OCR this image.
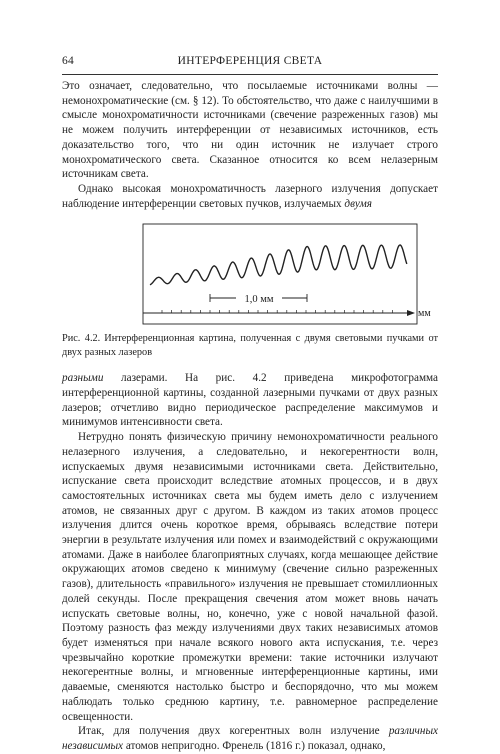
64	ИНТЕРФЕРЕНЦИЯ СВЕТА

Это означает, следовательно, что посылаемые источниками волны — немонохроматические (см. § 12). То обстоятельство, что даже с наилучшими в смысле монохроматичности источниками (свечение разреженных газов) мы не можем получить интерференции от независимых источников, есть доказательство того, что ни один источник не излучает строго монохроматического света. Сказанное относится ко всем нелазерным источникам света.

Однако высокая монохроматичность лазерного излучения допускает наблюдение интерференции световых пучков, излучаемых двумя

1,0 мм
мм
Рис. 4.2. Интерференционная картина, полученная с двумя световыми пучками от двух разных лазеров

разными лазерами. На рис. 4.2 приведена микрофотограмма интерференционной картины, созданной лазерными пучками от двух разных лазеров; отчетливо видно периодическое распределение максимумов и минимумов интенсивности света.

Нетрудно понять физическую причину немонохроматичности реального нелазерного излучения, а следовательно, и некогерентности волн, испускаемых двумя независимыми источниками света. Действительно, испускание света происходит вследствие атомных процессов, и в двух самостоятельных источниках света мы будем иметь дело с излучением атомов, не связанных друг с другом. В каждом из таких атомов процесс излучения длится очень короткое время, обрываясь вследствие потери энергии в результате излучения или помех и взаимодействий с окружающими атомами. Даже в наиболее благоприятных случаях, когда мешающее действие окружающих атомов сведено к минимуму (свечение сильно разреженных газов), длительность «правильного» излучения не превышает стомиллионных долей секунды. После прекращения свечения атом может вновь начать испускать световые волны, но, конечно, уже с новой начальной фазой. Поэтому разность фаз между излучениями двух таких независимых атомов будет изменяться при начале всякого нового акта испускания, т.е. через чрезвычайно короткие промежутки времени: такие источники излучают некогерентные волны, и мгновенные интерференционные картины, ими даваемые, сменяются настолько быстро и беспорядочно, что мы можем наблюдать только среднюю картину, т.е. равномерное распределение освещенности.

Итак, для получения двух когерентных волн излучение различных независимых атомов непригодно. Френель (1816 г.) показал, однако,
